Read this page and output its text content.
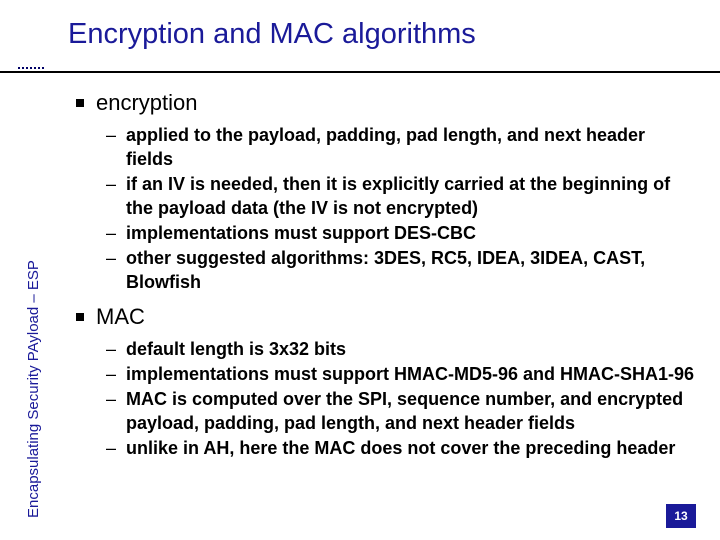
Encryption and MAC algorithms
Encapsulating Security PAyload – ESP
encryption
– applied to the payload, padding, pad length, and next header fields
– if an IV is needed, then it is explicitly carried at the beginning of the payload data (the IV is not encrypted)
– implementations must support DES-CBC
– other suggested algorithms: 3DES, RC5, IDEA, 3IDEA, CAST, Blowfish
MAC
– default length is 3x32 bits
– implementations must support HMAC-MD5-96 and HMAC-SHA1-96
– MAC is computed over the SPI, sequence number, and encrypted payload, padding, pad length, and next header fields
– unlike in AH, here the MAC does not cover the preceding header
13
